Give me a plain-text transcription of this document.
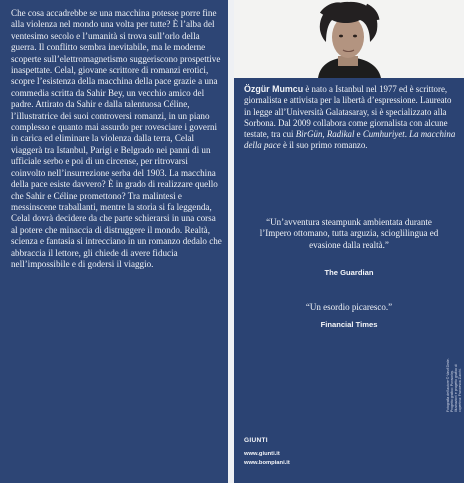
Che cosa accadrebbe se una macchina potesse porre fine alla violenza nel mondo una volta per tutte? È l’alba del ventesimo secolo e l’umanità si trova sull’orlo della guerra. Il conflitto sembra inevitabile, ma le moderne scoperte sull’elettromagnetismo suggeriscono prospettive inaspettate. Celal, giovane scrittore di romanzi erotici, scopre l’esistenza della macchina della pace grazie a una commedia scritta da Sahir Bey, un vecchio amico del padre. Attirato da Sahir e dalla talentuosa Céline, l’illustratrice dei suoi controversi romanzi, in un piano complesso e quanto mai assurdo per rovesciare i governi in carica ed eliminare la violenza dalla terra, Celal viaggerà tra Istanbul, Parigi e Belgrado nei panni di un ufficiale serbo e poi di un circense, per ritrovarsi coinvolto nell’insurrezione serba del 1903. La macchina della pace esiste davvero? È in grado di realizzare quello che Sahir e Céline promettono? Tra malintesi e messinscene traballanti, mentre la storia si fa leggenda, Celal dovrà decidere da che parte schierarsi in una corsa al potere che minaccia di distruggere il mondo. Realtà, scienza e fantasia si intrecciano in un romanzo dedalo che abbraccia il lettore, gli chiede di avere fiducia nell’impossibile e di godersi il viaggio.

Özgür Mumcu è nato a Istanbul nel 1977 ed è scrittore, giornalista e attivista per la libertà d’espressione. Laureato in legge all’Università Galatasaray, si è specializzato alla Sorbona. Dal 2009 collabora come giornalista con alcune testate, tra cui BirGün, Radikal e Cumhuriyet. La macchina della pace è il suo primo romanzo.
“Un’avventura steampunk ambientata durante l’Impero ottomano, tutta arguzia, scioglilingua ed evasione dalla realtà.”
The Guardian
“Un esordio picaresco.”
Financial Times
GIUNTI
www.giunti.it
www.bompiani.it
Fotografia dell’autore © Vasıf Dede. Progetto grafico: Ponsonby. Illustrazioni e progetto grafico di copertina: Francesca Zucchi.
